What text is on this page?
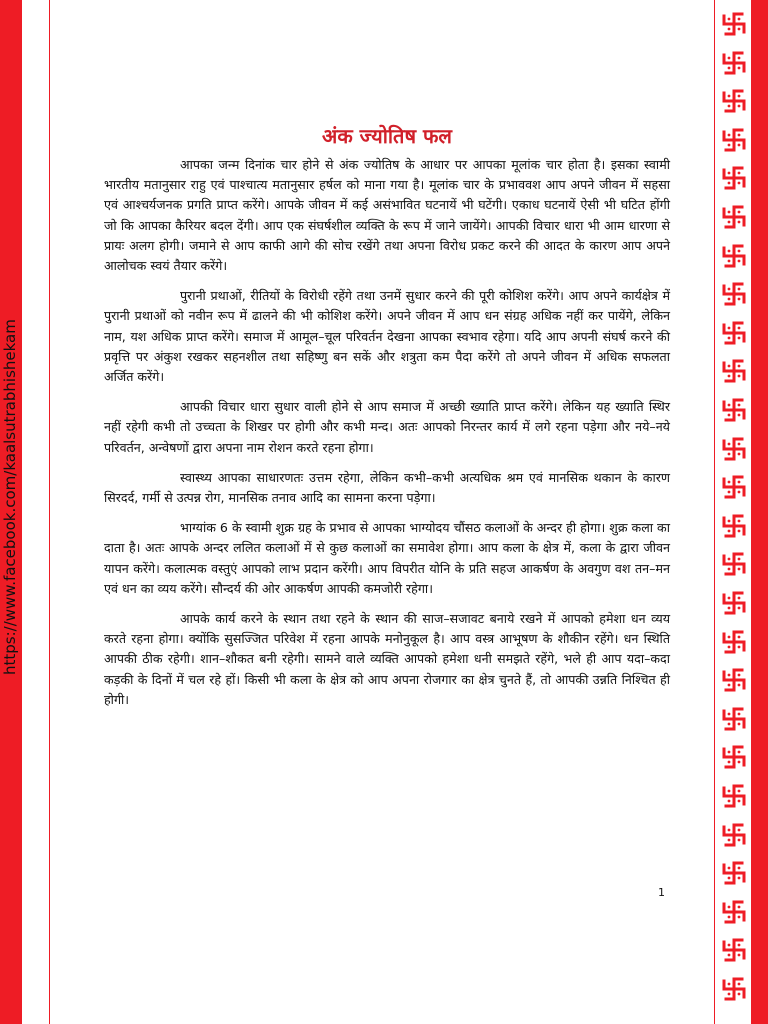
https://www.facebook.com/kaalsutrabhishekam
अंक ज्योतिष फल

आपका जन्म दिनांक चार होने से अंक ज्योतिष के आधार पर आपका मूलांक चार होता है। इसका स्वामी भारतीय मतानुसार राहु एवं पाश्चात्य मतानुसार हर्षल को माना गया है। मूलांक चार के प्रभाववश आप अपने जीवन में सहसा एवं आश्चर्यजनक प्रगति प्राप्त करेंगे। आपके जीवन में कई असंभावित घटनायें भी घटेंगी। एकाध घटनायें ऐसी भी घटित होंगी जो कि आपका कैरियर बदल देंगी। आप एक संघर्षशील व्यक्ति के रूप में जाने जायेंगे। आपकी विचार धारा भी आम धारणा से प्रायः अलग होगी। जमाने से आप काफी आगे की सोच रखेंगे तथा अपना विरोध प्रकट करने की आदत के कारण आप अपने आलोचक स्वयं तैयार करेंगे।

पुरानी प्रथाओं, रीतियों के विरोधी रहेंगे तथा उनमें सुधार करने की पूरी कोशिश करेंगे। आप अपने कार्यक्षेत्र में पुरानी प्रथाओं को नवीन रूप में ढालने की भी कोशिश करेंगे। अपने जीवन में आप धन संग्रह अधिक नहीं कर पायेंगे, लेकिन नाम, यश अधिक प्राप्त करेंगे। समाज में आमूल–चूल परिवर्तन देखना आपका स्वभाव रहेगा। यदि आप अपनी संघर्ष करने की प्रवृत्ति पर अंकुश रखकर सहनशील तथा सहिष्णु बन सकें और शत्रुता कम पैदा करेंगे तो अपने जीवन में अधिक सफलता अर्जित करेंगे।

आपकी विचार धारा सुधार वाली होने से आप समाज में अच्छी ख्याति प्राप्त करेंगे। लेकिन यह ख्याति स्थिर नहीं रहेगी कभी तो उच्चता के शिखर पर होगी और कभी मन्द। अतः आपको निरन्तर कार्य में लगे रहना पड़ेगा और नये–नये परिवर्तन, अन्वेषणों द्वारा अपना नाम रोशन करते रहना होगा।

स्वास्थ्य आपका साधारणतः उत्तम रहेगा, लेकिन कभी–कभी अत्यधिक श्रम एवं मानसिक थकान के कारण सिरदर्द, गर्मी से उत्पन्न रोग, मानसिक तनाव आदि का सामना करना पड़ेगा।

भाग्यांक 6 के स्वामी शुक्र ग्रह के प्रभाव से आपका भाग्योदय चौंसठ कलाओं के अन्दर ही होगा। शुक्र कला का दाता है। अतः आपके अन्दर ललित कलाओं में से कुछ कलाओं का समावेश होगा। आप कला के क्षेत्र में, कला के द्वारा जीवन यापन करेंगे। कलात्मक वस्तुएं आपको लाभ प्रदान करेंगी। आप विपरीत योनि के प्रति सहज आकर्षण के अवगुण वश तन–मन एवं धन का व्यय करेंगे। सौन्दर्य की ओर आकर्षण आपकी कमजोरी रहेगा।

आपके कार्य करने के स्थान तथा रहने के स्थान की साज–सजावट बनाये रखने में आपको हमेशा धन व्यय करते रहना होगा। क्योंकि सुसज्जित परिवेश में रहना आपके मनोनुकूल है। आप वस्त्र आभूषण के शौकीन रहेंगे। धन स्थिति आपकी ठीक रहेगी। शान–शौकत बनी रहेगी। सामने वाले व्यक्ति आपको हमेशा धनी समझते रहेंगे, भले ही आप यदा–कदा कड़की के दिनों में चल रहे हों। किसी भी कला के क्षेत्र को आप अपना रोजगार का क्षेत्र चुनते हैं, तो आपकी उन्नति निश्चित ही होगी।

1
